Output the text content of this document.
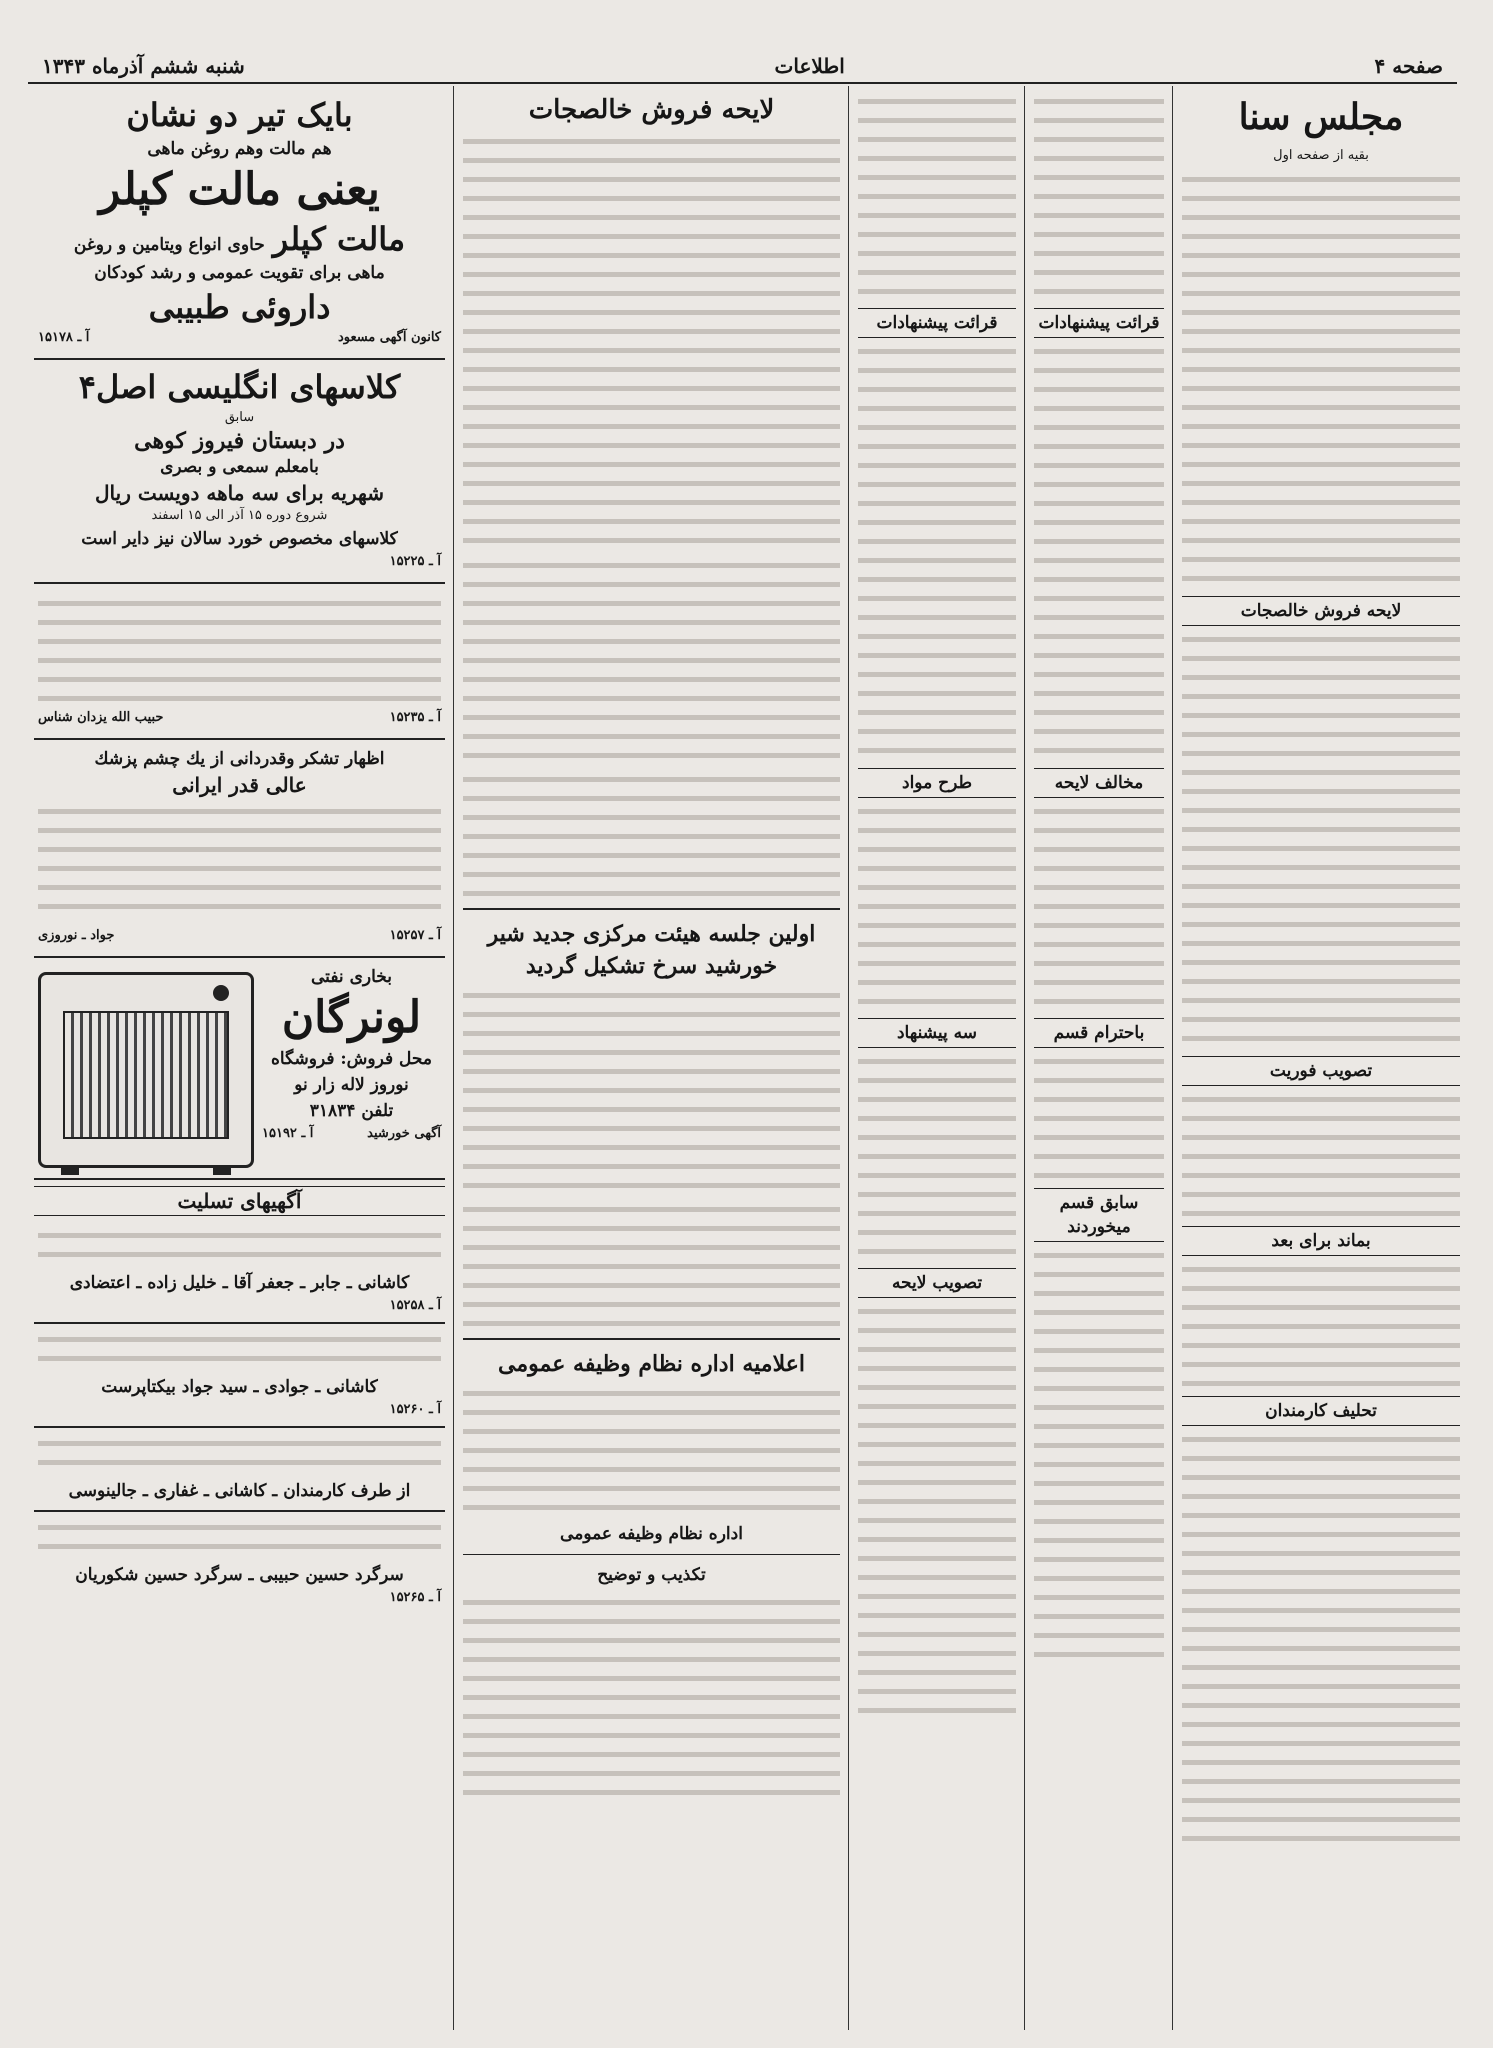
صفحه ۴
اطلاعات
شنبه ششم آذرماه ۱۳۴۳
مجلس سنا
بقیه از صفحه اول
لایحه فروش خالصجات
تصویب فوریت
بماند برای بعد
تحلیف کارمندان
قرائت پیشنهادات
مخالف لایحه
باحترام قسم
سابق قسم میخوردند
قرائت پیشنهادات
طرح مواد
سه پیشنهاد
تصویب لایحه
لایحه فروش خالصجات
اولین جلسه هیئت مرکزی جدید شیر خورشید سرخ تشکیل گردید
اعلامیه اداره نظام وظیفه عمومی
اداره نظام وظیفه عمومی
تکذیب و توضیح
بایک تیر دو نشان
هم مالت وهم روغن ماهی
یعنی مالت کپلر
مالت کپلر
حاوی انواع ویتامین و روغن
ماهی برای تقویت عمومی و رشد کودکان
داروئی طبیبی
کانون آگهی مسعود
آ ـ ۱۵۱۷۸
کلاسهای انگلیسی اصل۴
سابق
در دبستان فیروز کوهی
بامعلم سمعی و بصری
شهریه برای سه ماهه دویست ریال
شروع دوره ۱۵ آذر الی ۱۵ اسفند
کلاسهای مخصوص خورد سالان نیز دایر است
آ ـ ۱۵۲۲۵
آ ـ ۱۵۲۳۵
حبیب الله یزدان شناس
اظهار تشکر وقدردانی از یك چشم پزشك
عالی قدر ایرانی
آ ـ ۱۵۲۵۷
جواد ـ نوروزی
بخاری نفتی
لونرگان
محل فروش: فروشگاه
نوروز لاله زار نو
تلفن ۳۱۸۳۴
آگهی خورشید
آ ـ ۱۵۱۹۲
آگهیهای تسلیت
کاشانی ـ جابر ـ جعفر آقا ـ خلیل زاده ـ اعتضادی
آ ـ ۱۵۲۵۸
کاشانی ـ جوادی ـ سید جواد بیکتاپرست
آ ـ ۱۵۲۶۰
از طرف کارمندان ـ کاشانی ـ غفاری ـ جالینوسی
سرگرد حسین حبیبی ـ سرگرد حسین شکوریان
آ ـ ۱۵۲۶۵
